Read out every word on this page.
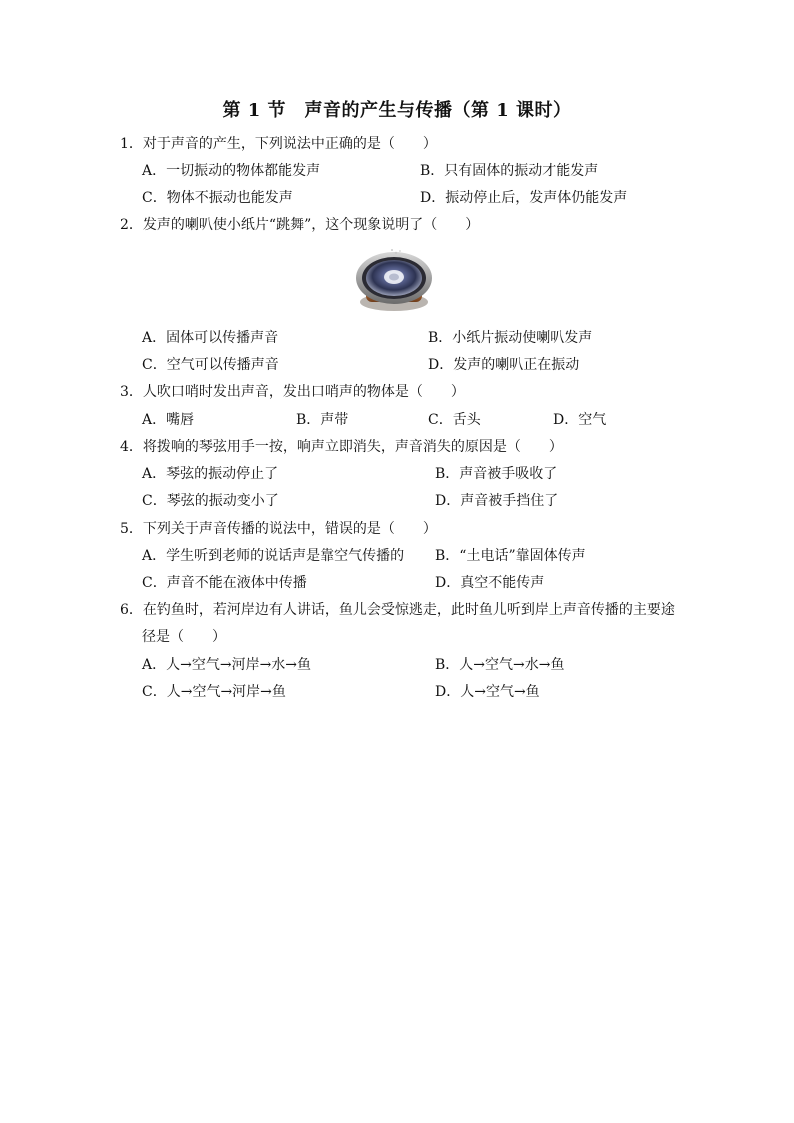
第 1 节　声音的产生与传播（第 1 课时）
1．对于声音的产生，下列说法中正确的是（　　）
A．一切振动的物体都能发声	B．只有固体的振动才能发声
C．物体不振动也能发声	D．振动停止后，发声体仍能发声
2．发声的喇叭使小纸片“跳舞”，这个现象说明了（　　）
A．固体可以传播声音	B．小纸片振动使喇叭发声
C．空气可以传播声音	D．发声的喇叭正在振动
3．人吹口哨时发出声音，发出口哨声的物体是（　　）
A．嘴唇	B．声带	C．舌头	D．空气
4．将拨响的琴弦用手一按，响声立即消失，声音消失的原因是（　　）
A．琴弦的振动停止了	B．声音被手吸收了
C．琴弦的振动变小了	D．声音被手挡住了
5．下列关于声音传播的说法中，错误的是（　　）
A．学生听到老师的说话声是靠空气传播的 B．“土电话”靠固体传声
C．声音不能在液体中传播	D．真空不能传声
6．在钓鱼时，若河岸边有人讲话，鱼儿会受惊逃走，此时鱼儿听到岸上声音传播的主要途
径是（　　）
A．人→空气→河岸→水→鱼	B．人→空气→水→鱼
C．人→空气→河岸→鱼	D．人→空气→鱼
